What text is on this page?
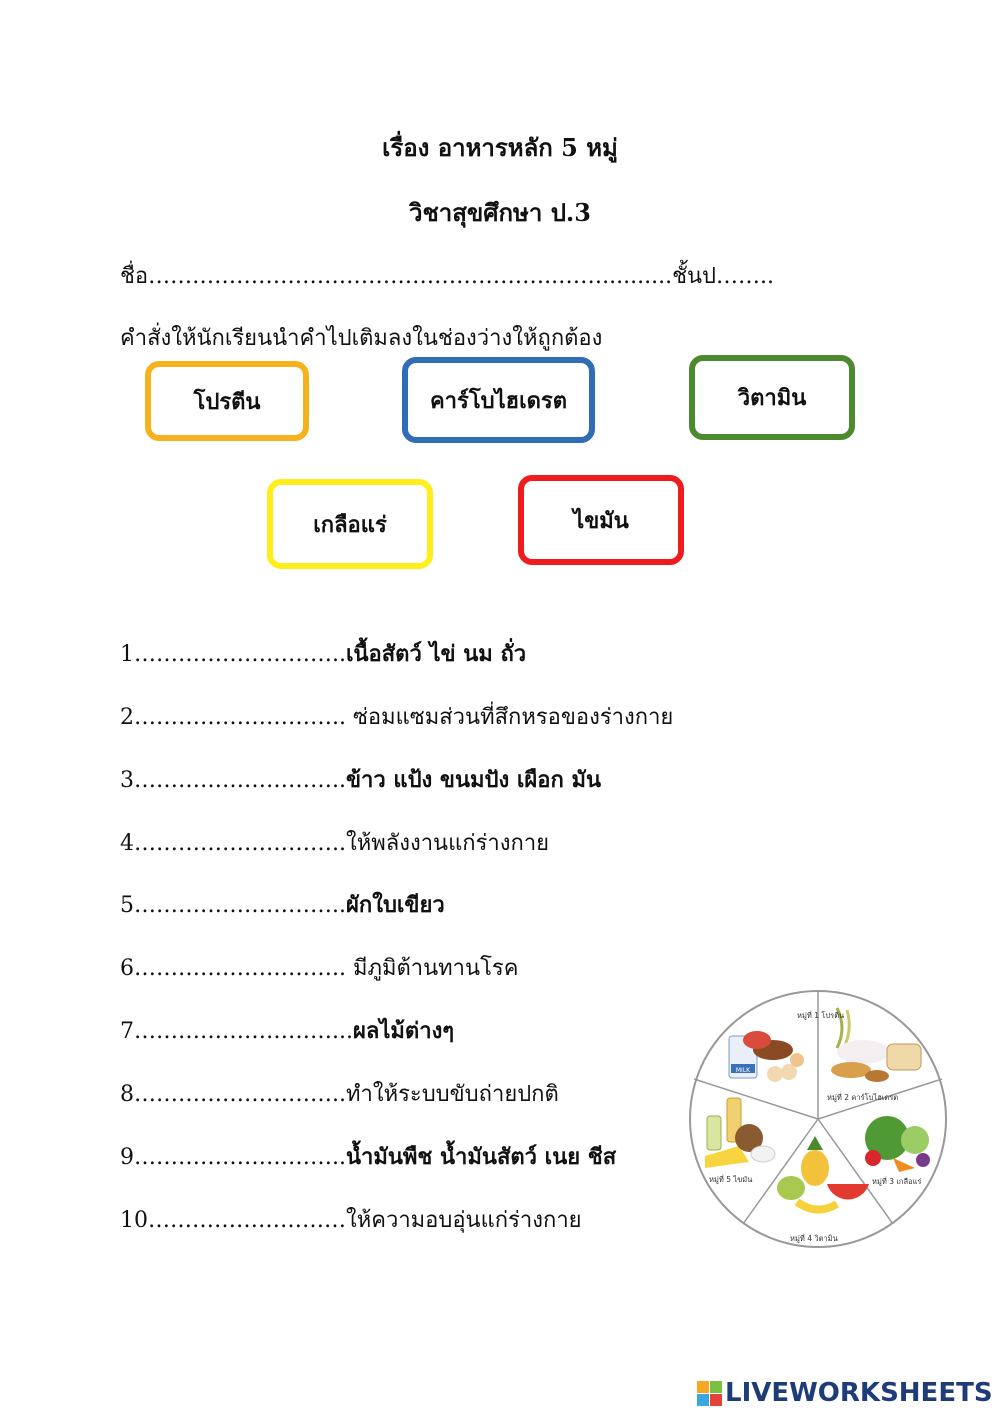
เรื่อง อาหารหลัก 5 หมู่
วิชาสุขศึกษา ป.3
ชื่อ………………………………………………..……..........ชั้นป……..
คำสั่งให้นักเรียนนำคำไปเติมลงในช่องว่างให้ถูกต้อง
โปรตีน	คาร์โบไฮเดรต	วิตามิน
เกลือแร่	ไขมัน
1………………………..เนื้อสัตว์ ไข่ นม ถั่ว
2……………………….. ซ่อมแซมส่วนที่สึกหรอของร่างกาย
3………………………..ข้าว แป้ง ขนมปัง เผือก มัน
4………………………..ให้พลังงานแก่ร่างกาย
5………………………..ผักใบเขียว
6……………………….. มีภูมิต้านทานโรค
7………………………...ผลไม้ต่างๆ
8………………………..ทำให้ระบบขับถ่ายปกติ
9………………………..น้ำมันพืช น้ำมันสัตว์ เนย ชีส
10………………………ให้ความอบอุ่นแก่ร่างกาย
MILK
หมู่ที่ 1 โปรตีน
หมู่ที่ 2 คาร์โบไฮเดรต
หมู่ที่ 3 เกลือแร่
หมู่ที่ 4 วิตามิน
หมู่ที่ 5 ไขมัน
LIVEWORKSHEETS
